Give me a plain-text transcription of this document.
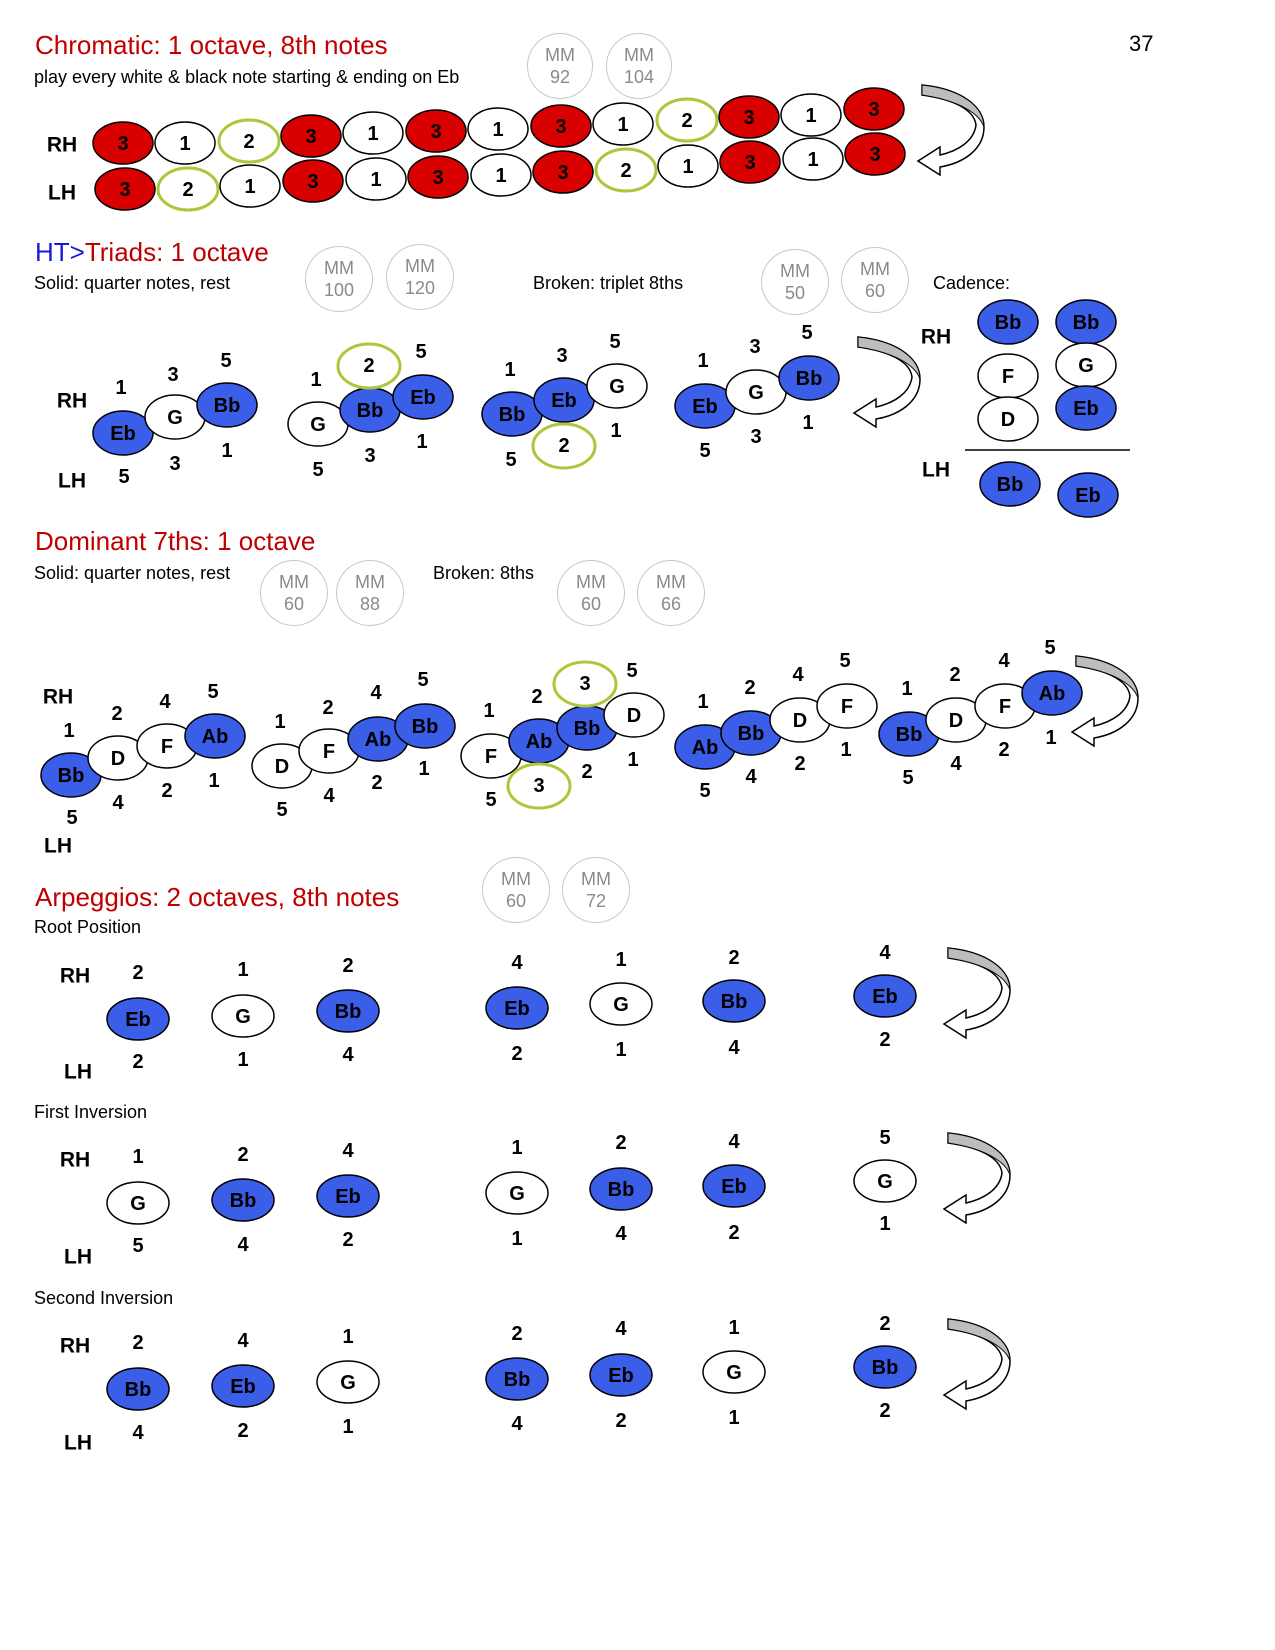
37
Chromatic: 1 octave, 8th notes
play every white & black note starting & ending on Eb
MM
92
MM
104
HT>Triads: 1 octave
Solid: quarter notes, rest
MM
100
MM
120	Broken: triplet 8ths
MM
50
MM
60	Cadence:
Dominant 7ths: 1 octave
Solid: quarter notes, rest	MM
60
MM
88
Broken: 8ths	MM
60
MM
66
Arpeggios: 2 octaves, 8th notes
MM
60
MM
72
Root Position
First Inversion
Second Inversion
RH
LH
3	1	2	3	1	3	1	3	1	2	3	1	3
3	2	1	3	1	3	1	3	2	1	3	1	3
RH
LH
Eb
G
Bb
1
3
5
5
3
1
G
Bb
Eb
1
2
5
5
3
1
Bb
Eb
G
1
3
5
5
2
1
Eb
G
Bb
1
3
5
5
3
1
RH
LH
Bb
F
D
Bb
G
Eb
Bb	Eb
RH
LH
Bb
D
F Ab
1
2
4 5
5
4
2 1
D
F
Ab
Bb
1
2
4
5
5
4
2
1
F
Ab
Bb
D
1
2
3
5
5
3
2
1
Ab
Bb
D
F
1
2
4
5
5
4
2
1
Bb
D
F
Ab
1
2
4
5
5
4
2
1
RH
LH
Eb	G	Bb	Eb	G	Bb	Eb
2	1	2	4	1	2	4
2	1	4	2	1	4	2
RH
LH
G	Bb	Eb	G	Bb	Eb	G
1	2	4	1	2	4	5
5	4	2	1	4	2	1
RH
LH
Bb	Eb	G	Bb	Eb	G	Bb
2	4	1	2	4	1	2
4	2	1	4	2	1	2
